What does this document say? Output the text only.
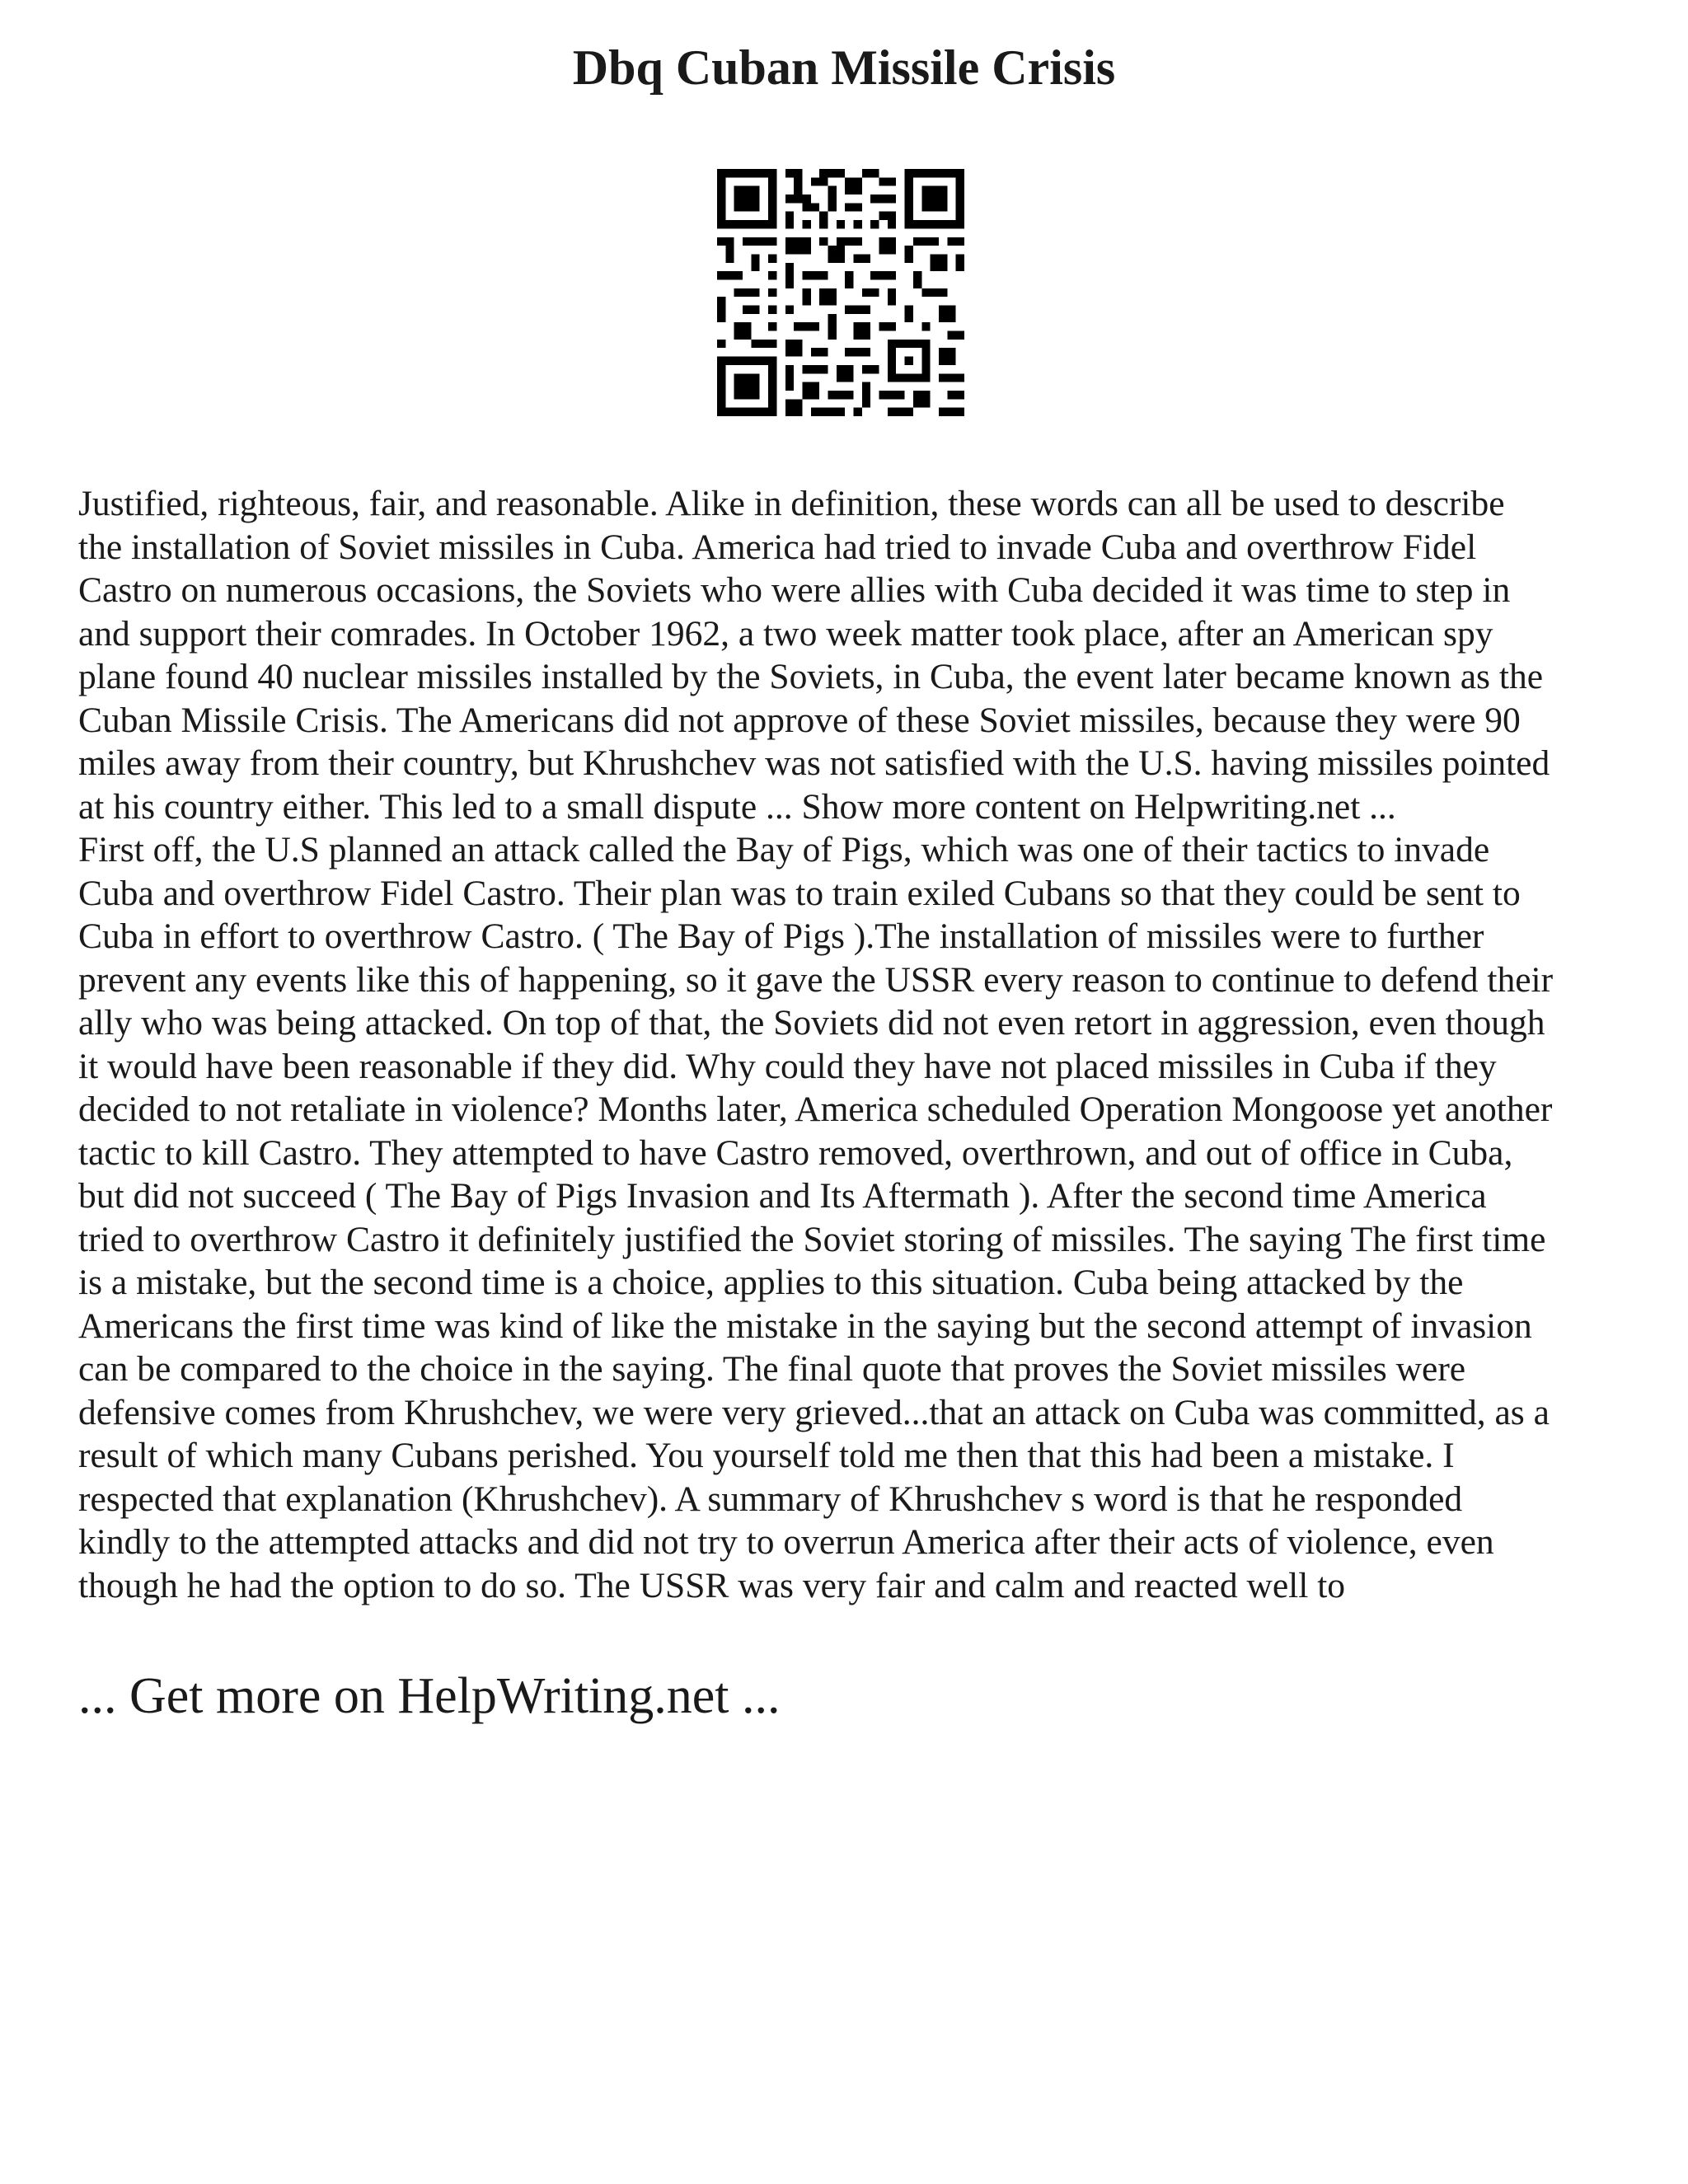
Dbq Cuban Missile Crisis

Justified, righteous, fair, and reasonable. Alike in definition, these words can all be used to describe
the installation of Soviet missiles in Cuba. America had tried to invade Cuba and overthrow Fidel
Castro on numerous occasions, the Soviets who were allies with Cuba decided it was time to step in
and support their comrades. In October 1962, a two week matter took place, after an American spy
plane found 40 nuclear missiles installed by the Soviets, in Cuba, the event later became known as the
Cuban Missile Crisis. The Americans did not approve of these Soviet missiles, because they were 90
miles away from their country, but Khrushchev was not satisfied with the U.S. having missiles pointed
at his country either. This led to a small dispute ... Show more content on Helpwriting.net ...
First off, the U.S planned an attack called the Bay of Pigs, which was one of their tactics to invade
Cuba and overthrow Fidel Castro. Their plan was to train exiled Cubans so that they could be sent to
Cuba in effort to overthrow Castro. ( The Bay of Pigs ).The installation of missiles were to further
prevent any events like this of happening, so it gave the USSR every reason to continue to defend their
ally who was being attacked. On top of that, the Soviets did not even retort in aggression, even though
it would have been reasonable if they did. Why could they have not placed missiles in Cuba if they
decided to not retaliate in violence? Months later, America scheduled Operation Mongoose yet another
tactic to kill Castro. They attempted to have Castro removed, overthrown, and out of office in Cuba,
but did not succeed ( The Bay of Pigs Invasion and Its Aftermath ). After the second time America
tried to overthrow Castro it definitely justified the Soviet storing of missiles. The saying The first time
is a mistake, but the second time is a choice, applies to this situation. Cuba being attacked by the
Americans the first time was kind of like the mistake in the saying but the second attempt of invasion
can be compared to the choice in the saying. The final quote that proves the Soviet missiles were
defensive comes from Khrushchev, we were very grieved...that an attack on Cuba was committed, as a
result of which many Cubans perished. You yourself told me then that this had been a mistake. I
respected that explanation (Khrushchev). A summary of Khrushchev s word is that he responded
kindly to the attempted attacks and did not try to overrun America after their acts of violence, even
though he had the option to do so. The USSR was very fair and calm and reacted well to

... Get more on HelpWriting.net ...
